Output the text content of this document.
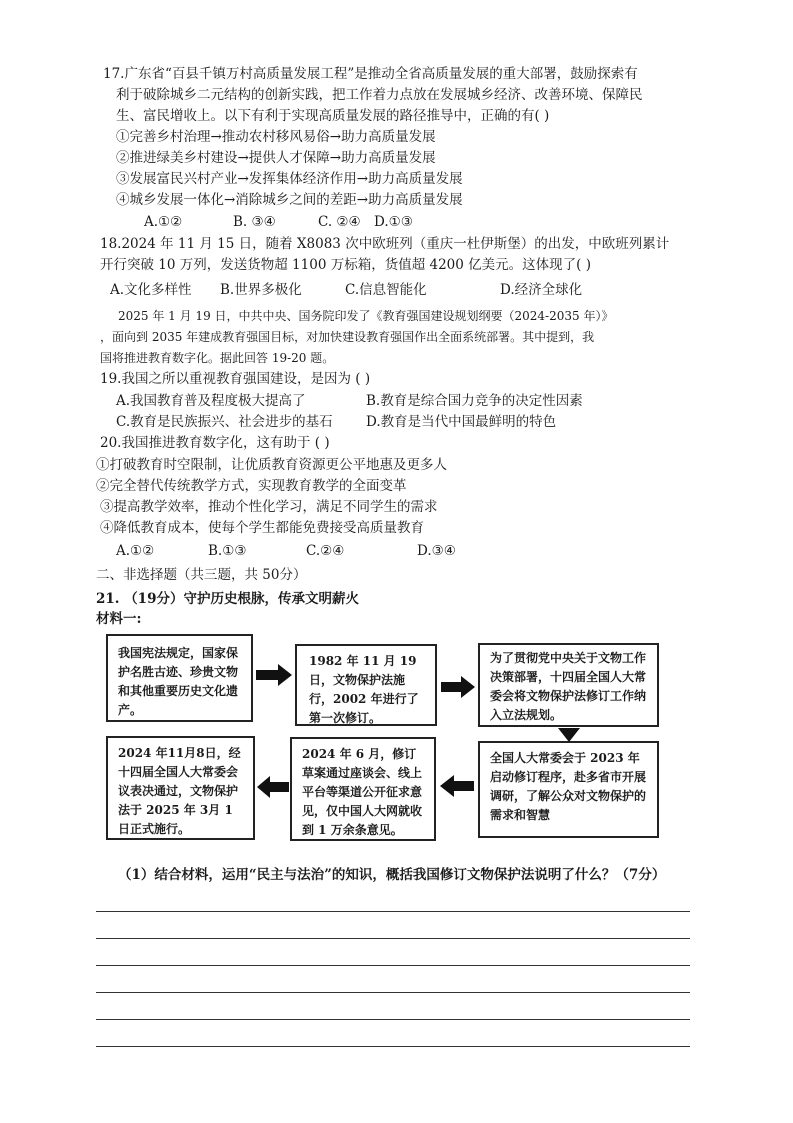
17.广东省“百县千镇万村高质量发展工程”是推动全省高质量发展的重大部署，鼓励探索有
利于破除城乡二元结构的创新实践，把工作着力点放在发展城乡经济、改善环境、保障民
生、富民增收上。以下有利于实现高质量发展的路径推导中，正确的有( )
①完善乡村治理→推动农村移风易俗→助力高质量发展
②推进绿美乡村建设→提供人才保障→助力高质量发展
③发展富民兴村产业→发挥集体经济作用→助力高质量发展
④城乡发展一体化→消除城乡之间的差距→助力高质量发展
A.①②	B. ③④	C. ②④ D.①③
18.2024 年 11 月 15 日，随着 X8083 次中欧班列（重庆一杜伊斯堡）的出发，中欧班列累计
开行突破 10 万列，发送货物超 1100 万标箱，货值超 4200 亿美元。这体现了( )
A.文化多样性 B.世界多极化	C.信息智能化	D.经济全球化
2025 年 1 月 19 日，中共中央、国务院印发了《教育强国建设规划纲要（2024-2035 年）》
，面向到 2035 年建成教育强国目标，对加快建设教育强国作出全面系统部署。其中提到，我
国将推进教育数字化。据此回答 19-20 题。
19.我国之所以重视教育强国建设，是因为 ( )
A.我国教育普及程度极大提高了	B.教育是综合国力竞争的决定性因素
C.教育是民族振兴、社会进步的基石 D.教育是当代中国最鲜明的特色
20.我国推进教育数字化，这有助于 ( )
①打破教育时空限制，让优质教育资源更公平地惠及更多人
②完全替代传统教学方式，实现教育教学的全面变革
③提高教学效率，推动个性化学习，满足不同学生的需求
④降低教育成本，使每个学生都能免费接受高质量教育
A.①②	B.①③	C.②④	D.③④
二、非选择题（共三题，共 50分）
21. （19分）守护历史根脉，传承文明薪火
材料一:
我国宪法规定，国家保护名胜古迹、珍贵文物和其他重要历史文化遗产。
1982 年 11 月 19 日，文物保护法施行，2002 年进行了第一次修订。
为了贯彻党中央关于文物工作决策部署，十四届全国人大常委会将文物保护法修订工作纳入立法规划。
全国人大常委会于 2023 年启动修订程序，赴多省市开展调研，了解公众对文物保护的需求和智慧
2024 年 6 月，修订草案通过座谈会、线上平台等渠道公开征求意见，仅中国人大网就收到 1 万余条意见。
2024 年11月8日，经十四届全国人大常委会议表决通过，文物保护法于 2025 年 3月 1 日正式施行。
（1）结合材料，运用“民主与法治”的知识，概括我国修订文物保护法说明了什么？（7分）
